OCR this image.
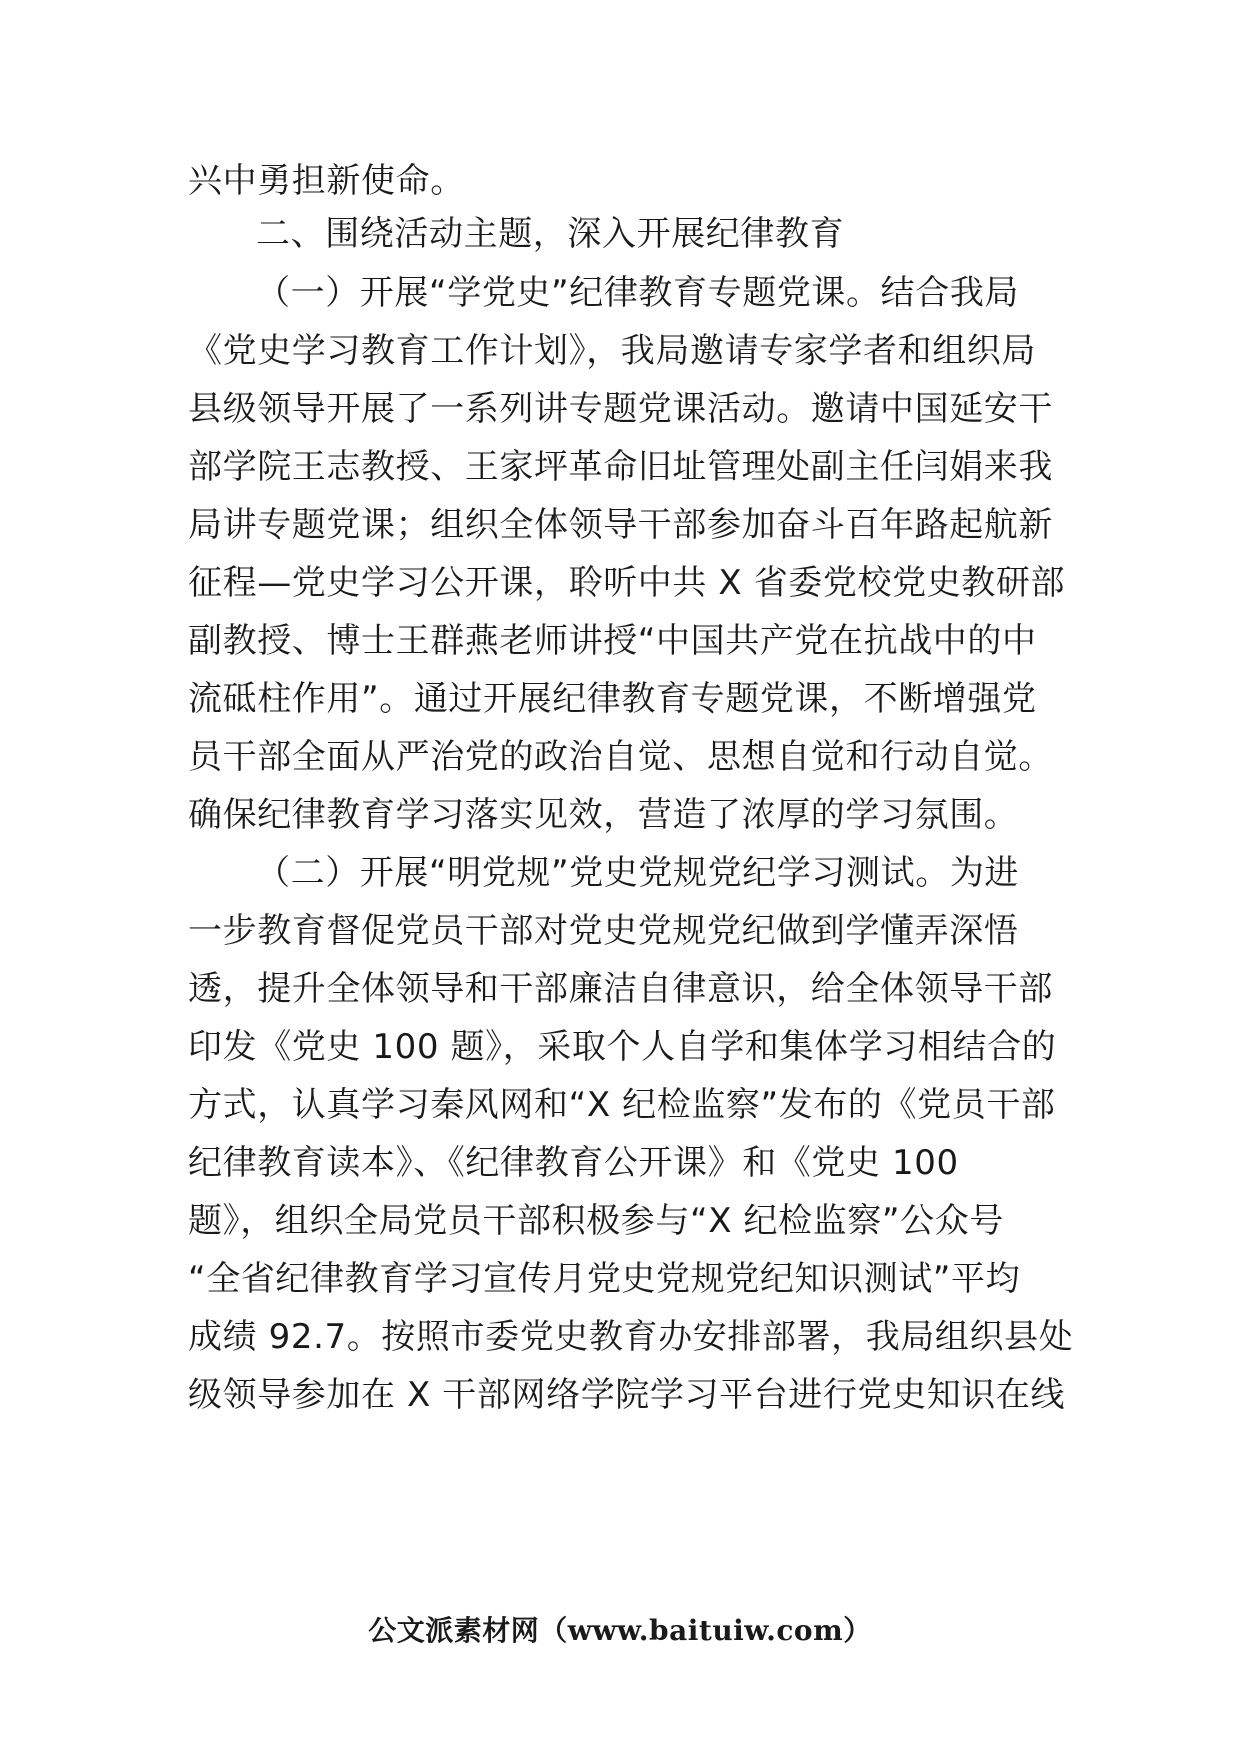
兴中勇担新使命。
二、围绕活动主题，深入开展纪律教育
（一）开展“学党史”纪律教育专题党课。结合我局
《党史学习教育工作计划》，我局邀请专家学者和组织局
县级领导开展了一系列讲专题党课活动。邀请中国延安干
部学院王志教授、王家坪革命旧址管理处副主任闫娟来我
局讲专题党课；组织全体领导干部参加奋斗百年路起航新
征程—党史学习公开课，聆听中共 X 省委党校党史教研部
副教授、博士王群燕老师讲授“中国共产党在抗战中的中
流砥柱作用”。通过开展纪律教育专题党课，不断增强党
员干部全面从严治党的政治自觉、思想自觉和行动自觉。
确保纪律教育学习落实见效，营造了浓厚的学习氛围。
（二）开展“明党规”党史党规党纪学习测试。为进
一步教育督促党员干部对党史党规党纪做到学懂弄深悟
透，提升全体领导和干部廉洁自律意识，给全体领导干部
印发《党史 100 题》，采取个人自学和集体学习相结合的
方式，认真学习秦风网和“X 纪检监察”发布的《党员干部
纪律教育读本》、《纪律教育公开课》和《党史 100
题》，组织全局党员干部积极参与“X 纪检监察”公众号
“全省纪律教育学习宣传月党史党规党纪知识测试”平均
成绩 92.7。按照市委党史教育办安排部署，我局组织县处
级领导参加在 X 干部网络学院学习平台进行党史知识在线
公文派素材网（www.baituiw.com）
